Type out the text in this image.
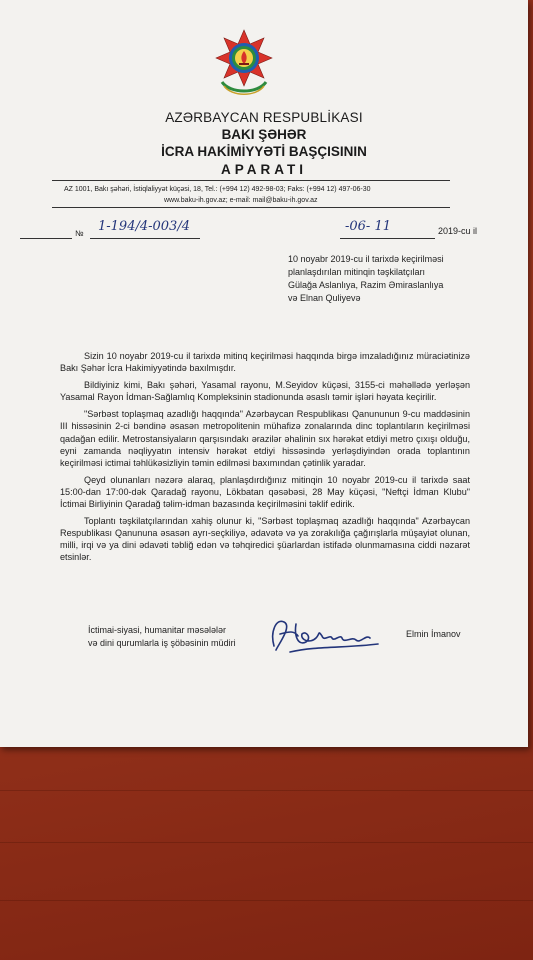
AZƏRBAYCAN RESPUBLİKASI
BAKI ŞƏHƏR
İCRA HAKİMİYYƏTİ BAŞÇISININ
APARATI
AZ 1001, Bakı şəhəri, İstiqlaliyyət küçəsi, 18, Tel.: (+994 12) 492-98-03; Faks: (+994 12) 497-06-30
www.baku-ih.gov.az; e-mail: mail@baku-ih.gov.az
№ 1-194/4-003/4	-06- 11	2019-cu il
10 noyabr 2019-cu il tarixdə keçirilməsi
planlaşdırılan mitinqin təşkilatçıları
Gülağa Aslanlıya, Razim Əmiraslanlıya
və Elnan Quliyevə

Sizin 10 noyabr 2019-cu il tarixdə mitinq keçirilməsi haqqında birgə imzaladığınız müraciətinizə Bakı Şəhər İcra Hakimiyyətində baxılmışdır.

Bildiyiniz kimi, Bakı şəhəri, Yasamal rayonu, M.Seyidov küçəsi, 3155-ci məhəllədə yerləşən Yasamal Rayon İdman-Sağlamlıq Kompleksinin stadionunda əsaslı təmir işləri həyata keçirilir.

"Sərbəst toplaşmaq azadlığı haqqında" Azərbaycan Respublikası Qanununun 9-cu maddəsinin III hissəsinin 2-ci bəndinə əsasən metropolitenin mühafizə zonalarında dinc toplantıların keçirilməsi qadağan edilir. Metrostansiyaların qarşısındakı ərazilər əhalinin sıx hərəkət etdiyi metro çıxışı olduğu, eyni zamanda nəqliyyatın intensiv hərəkət etdiyi hissəsində yerləşdiyindən orada toplantının keçirilməsi ictimai təhlükəsizliyin təmin edilməsi baxımından çətinlik yaradar.

Qeyd olunanları nəzərə alaraq, planlaşdırdığınız mitinqin 10 noyabr 2019-cu il tarixdə saat 15:00-dan 17:00-dək Qaradağ rayonu, Lökbatan qəsəbəsi, 28 May küçəsi, "Neftçi İdman Klubu" İctimai Birliyinin Qaradağ təlim-idman bazasında keçirilməsini təklif edirik.

Toplantı təşkilatçılarından xahiş olunur ki, "Sərbəst toplaşmaq azadlığı haqqında" Azərbaycan Respublikası Qanununa əsasən ayrı-seçkiliyə, ədavətə və ya zorakılığa çağırışlarla müşayiət olunan, milli, irqi və ya dini ədavəti təbliğ edən və təhqiredici şüarlardan istifadə olunmamasına ciddi nəzarət etsinlər.

İctimai-siyasi, humanitar məsələlər
və dini qurumlarla iş şöbəsinin müdiri
Elmin İmanov
